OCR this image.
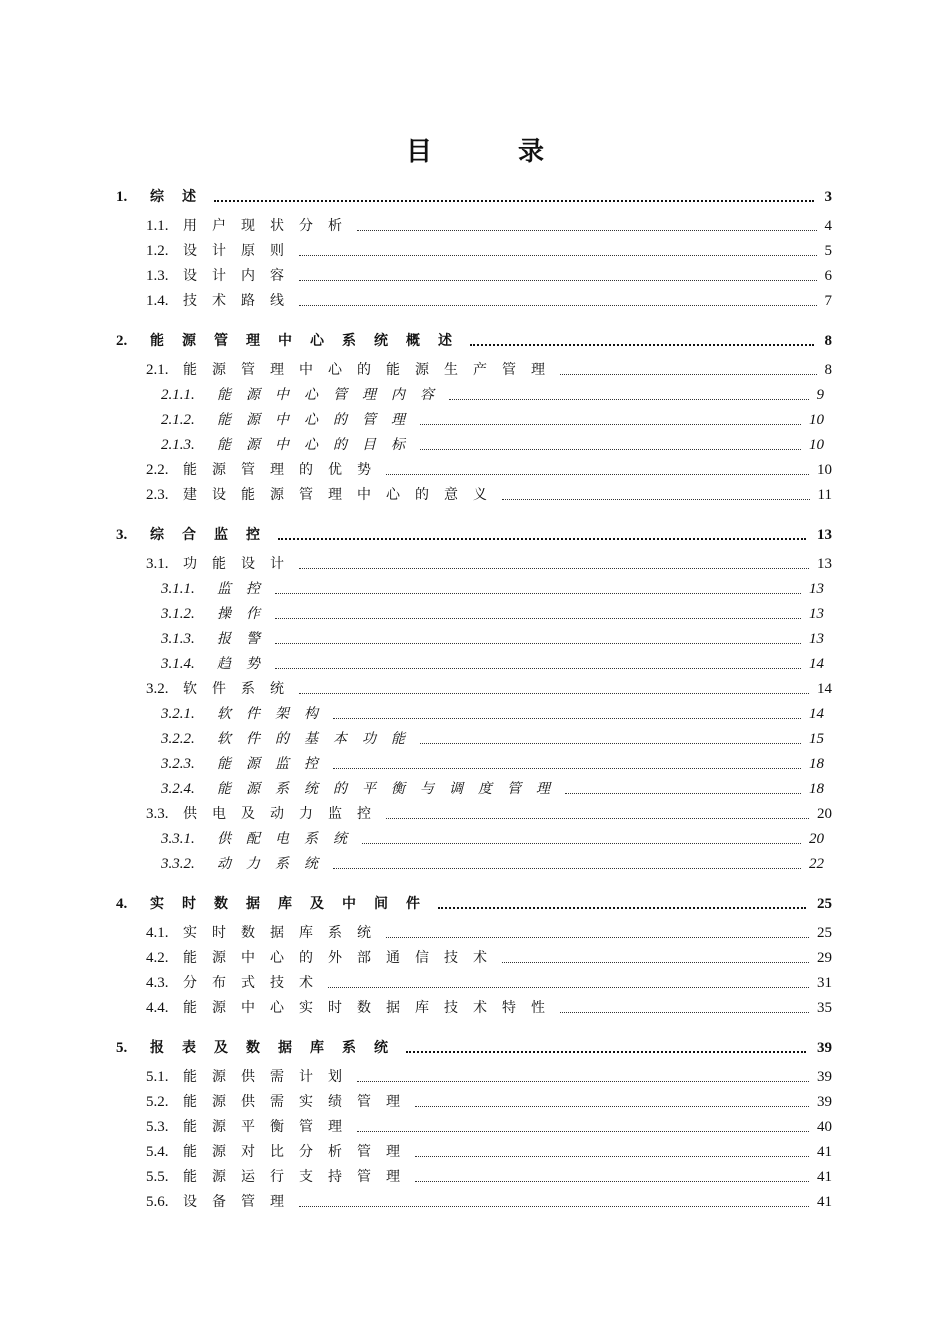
目　录
1.	综述	3
1.1.	用户现状分析	4
1.2.	设计原则	5
1.3.	设计内容	6
1.4.	技术路线	7
2.	能源管理中心系统概述	8
2.1.	能源管理中心的能源生产管理	8
2.1.1.	能源中心管理内容	9
2.1.2.	能源中心的管理	10
2.1.3.	能源中心的目标	10
2.2.	能源管理的优势	10
2.3.	建设能源管理中心的意义	11
3.	综合监控	13
3.1.	功能设计	13
3.1.1.	监控	13
3.1.2.	操作	13
3.1.3.	报警	13
3.1.4.	趋势	14
3.2.	软件系统	14
3.2.1.	软件架构	14
3.2.2.	软件的基本功能	15
3.2.3.	能源监控	18
3.2.4.	能源系统的平衡与调度管理	18
3.3.	供电及动力监控	20
3.3.1.	供配电系统	20
3.3.2.	动力系统	22
4.	实时数据库及中间件	25
4.1.	实时数据库系统	25
4.2.	能源中心的外部通信技术	29
4.3.	分布式技术	31
4.4.	能源中心实时数据库技术特性	35
5.	报表及数据库系统	39
5.1.	能源供需计划	39
5.2.	能源供需实绩管理	39
5.3.	能源平衡管理	40
5.4.	能源对比分析管理	41
5.5.	能源运行支持管理	41
5.6.	设备管理	41
